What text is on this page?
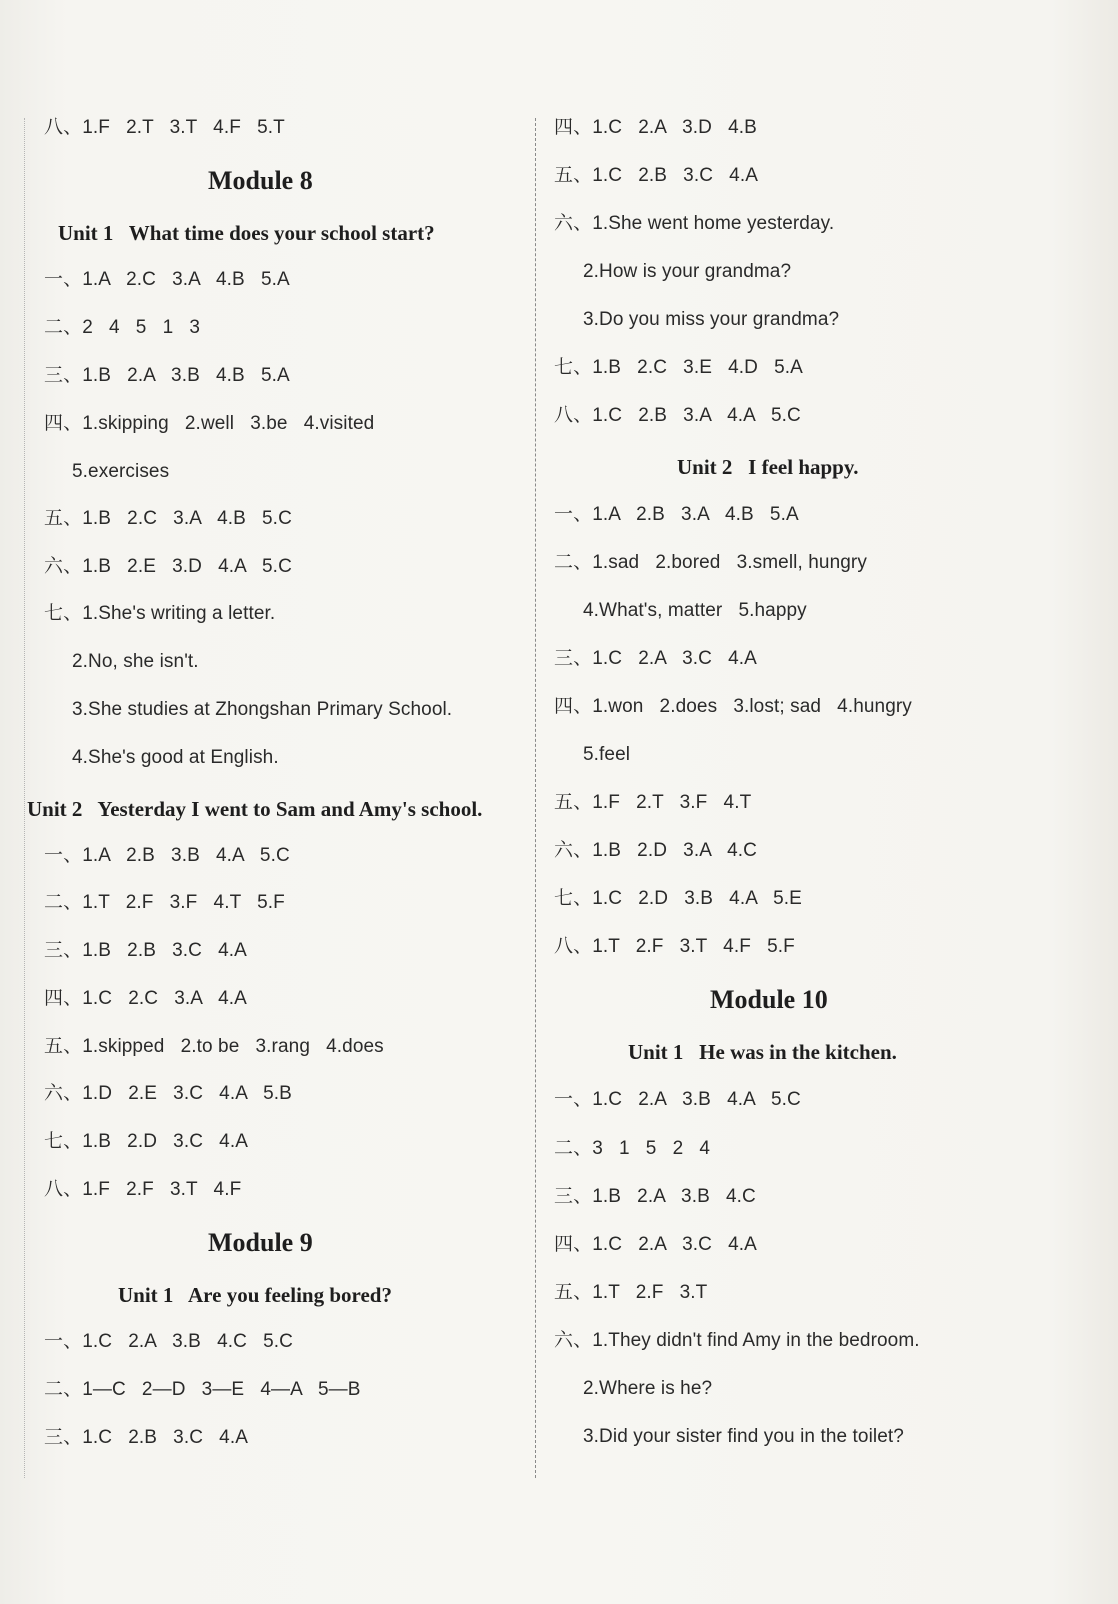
八、1.F   2.T   3.T   4.F   5.T
Module 8
Unit 1   What time does your school start?
一、1.A   2.C   3.A   4.B   5.A
二、2   4   5   1   3
三、1.B   2.A   3.B   4.B   5.A
四、1.skipping   2.well   3.be   4.visited
5.exercises
五、1.B   2.C   3.A   4.B   5.C
六、1.B   2.E   3.D   4.A   5.C
七、1.She's writing a letter.
2.No, she isn't.
3.She studies at Zhongshan Primary School.
4.She's good at English.
Unit 2   Yesterday I went to Sam and Amy's school.
一、1.A   2.B   3.B   4.A   5.C
二、1.T   2.F   3.F   4.T   5.F
三、1.B   2.B   3.C   4.A
四、1.C   2.C   3.A   4.A
五、1.skipped   2.to be   3.rang   4.does
六、1.D   2.E   3.C   4.A   5.B
七、1.B   2.D   3.C   4.A
八、1.F   2.F   3.T   4.F
Module 9
Unit 1   Are you feeling bored?
一、1.C   2.A   3.B   4.C   5.C
二、1—C   2—D   3—E   4—A   5—B
三、1.C   2.B   3.C   4.A
四、1.C   2.A   3.D   4.B
五、1.C   2.B   3.C   4.A
六、1.She went home yesterday.
2.How is your grandma?
3.Do you miss your grandma?
七、1.B   2.C   3.E   4.D   5.A
八、1.C   2.B   3.A   4.A   5.C
Unit 2   I feel happy.
一、1.A   2.B   3.A   4.B   5.A
二、1.sad   2.bored   3.smell, hungry
4.What's, matter   5.happy
三、1.C   2.A   3.C   4.A
四、1.won   2.does   3.lost; sad   4.hungry
5.feel
五、1.F   2.T   3.F   4.T
六、1.B   2.D   3.A   4.C
七、1.C   2.D   3.B   4.A   5.E
八、1.T   2.F   3.T   4.F   5.F
Module 10
Unit 1   He was in the kitchen.
一、1.C   2.A   3.B   4.A   5.C
二、3   1   5   2   4
三、1.B   2.A   3.B   4.C
四、1.C   2.A   3.C   4.A
五、1.T   2.F   3.T
六、1.They didn't find Amy in the bedroom.
2.Where is he?
3.Did your sister find you in the toilet?
